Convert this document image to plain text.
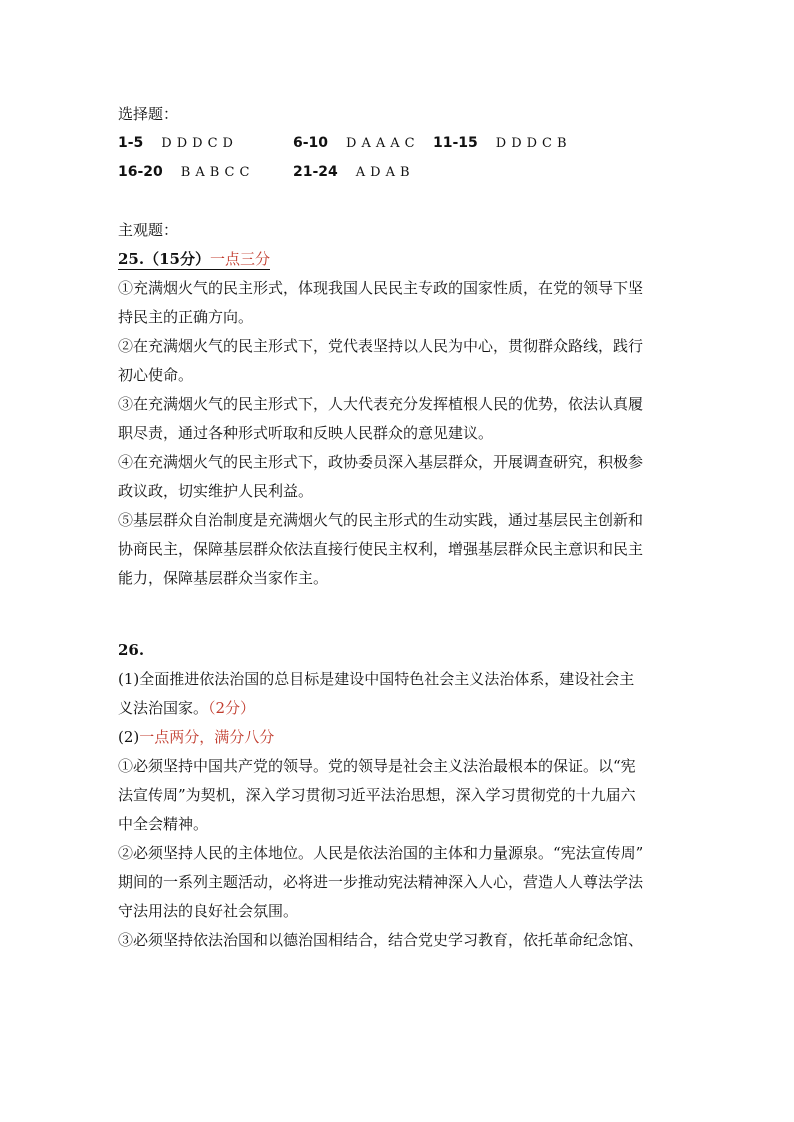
选择题：
1-5 DDDCD	6-10 DAAAC 11-15 DDDCB
16-20 BABCC	21-24 ADAB
主观题：
25.（15分）一点三分
①充满烟火气的民主形式，体现我国人民民主专政的国家性质，在党的领导下坚
持民主的正确方向。
②在充满烟火气的民主形式下，党代表坚持以人民为中心，贯彻群众路线，践行
初心使命。
③在充满烟火气的民主形式下，人大代表充分发挥植根人民的优势，依法认真履
职尽责，通过各种形式听取和反映人民群众的意见建议。
④在充满烟火气的民主形式下，政协委员深入基层群众，开展调查研究，积极参
政议政，切实维护人民利益。
⑤基层群众自治制度是充满烟火气的民主形式的生动实践，通过基层民主创新和
协商民主，保障基层群众依法直接行使民主权利，增强基层群众民主意识和民主
能力，保障基层群众当家作主。
26.
(1)全面推进依法治国的总目标是建设中国特色社会主义法治体系，建设社会主
义法治国家。（2分）
(2)一点两分，满分八分
①必须坚持中国共产党的领导。党的领导是社会主义法治最根本的保证。以“宪
法宣传周”为契机，深入学习贯彻习近平法治思想，深入学习贯彻党的十九届六
中全会精神。
②必须坚持人民的主体地位。人民是依法治国的主体和力量源泉。“宪法宣传周”
期间的一系列主题活动，必将进一步推动宪法精神深入人心，营造人人尊法学法
守法用法的良好社会氛围。
③必须坚持依法治国和以德治国相结合，结合党史学习教育，依托革命纪念馆、
